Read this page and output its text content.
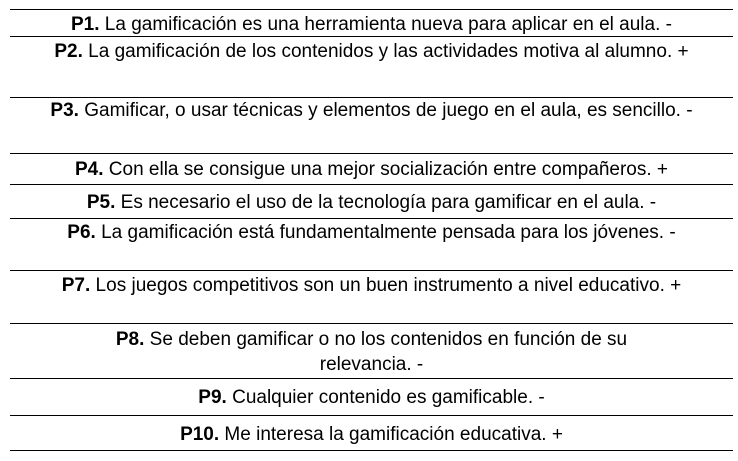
P1. La gamificación es una herramienta nueva para aplicar en el aula. -
P2. La gamificación de los contenidos y las actividades motiva al alumno. +
P3. Gamificar, o usar técnicas y elementos de juego en el aula, es sencillo. -
P4. Con ella se consigue una mejor socialización entre compañeros. +
P5. Es necesario el uso de la tecnología para gamificar en el aula. -
P6. La gamificación está fundamentalmente pensada para los jóvenes. -
P7. Los juegos competitivos son un buen instrumento a nivel educativo. +
P8. Se deben gamificar o no los contenidos en función de su relevancia. -
P9. Cualquier contenido es gamificable. -
P10. Me interesa la gamificación educativa. +
